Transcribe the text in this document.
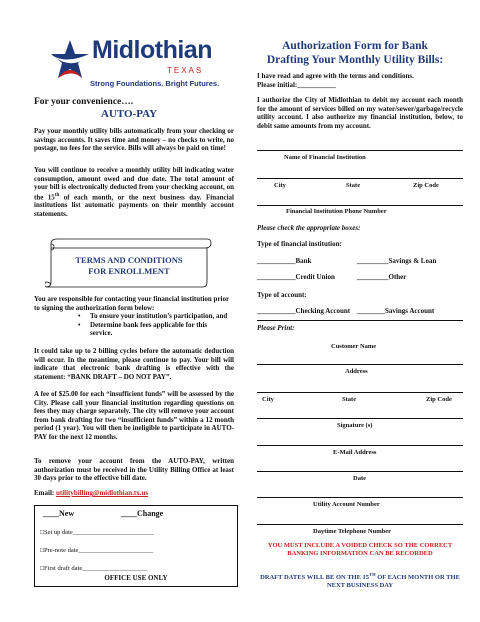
Midlothian
TEXAS
Strong Foundations. Bright Futures.
For your convenience….
AUTO-PAY

Pay your monthly utility bills automatically from your checking or savings accounts. It saves time and money – no checks to write, no postage, no fees for the service. Bills will always be paid on time!

You will continue to receive a monthly utility bill indicating water consumption, amount owed and due date. The total amount of your bill is electronically deducted from your checking account, on the 15th of each month, or the next business day. Financial institutions list automatic payments on their monthly account statements.

TERMS AND CONDITIONS
FOR ENROLLMENT

You are responsible for contacting your financial institution prior to signing the authorization form below:

• To ensure your institution’s participation, and
• Determine bank fees applicable for this service.

It could take up to 2 billing cycles before the automatic deduction will occur. In the meantime, please continue to pay. Your bill will indicate that electronic bank drafting is effective with the statement: “BANK DRAFT – DO NOT PAY”.

A fee of $25.00 for each “insufficient funds” will be assessed by the City. Please call your financial institution regarding questions on fees they may charge separately. The city will remove your account from bank drafting for two “insufficient funds” within a 12 month period (1 year). You will then be ineligible to participate in AUTO-PAY for the next 12 months.

To remove your account from the AUTO-PAY, written authorization must be received in the Utility Billing Office at least 30 days prior to the effective bill date.

Email: utilitybilling@midlothian.tx.us
____New	____Change
□Set up date_________________________
□Pre-note date_______________________
□First draft date____________________
OFFICE USE ONLY
Authorization Form for Bank
Drafting Your Monthly Utility Bills:
I have read and agree with the terms and conditions.
Please initial:___________

I authorize the City of Midlothian to debit my account each month for the amount of services billed on my water/sewer/garbage/recycle utility account. I also authorize my financial institution, below, to debit same amounts from my account.

Name of Financial Institution
City	State	Zip Code
Financial Institution Phone Number
Please check the appropriate boxes:
Type of financial institution:
___________Bank	_________Savings & Loan
___________Credit Union	_________Other
Type of account:
___________Checking Account ________Savings Account
Please Print:
Customer Name
Address
City	State	Zip Code
Signature (s)
E-Mail Address
Date
Utility Account Number
Daytime Telephone Number

YOU MUST INCLUDE A VOIDED CHECK SO THE CORRECT BANKING INFORMATION CAN BE RECORDED

DRAFT DATES WILL BE ON THE 15TH OF EACH MONTH OR THE NEXT BUSINESS DAY
